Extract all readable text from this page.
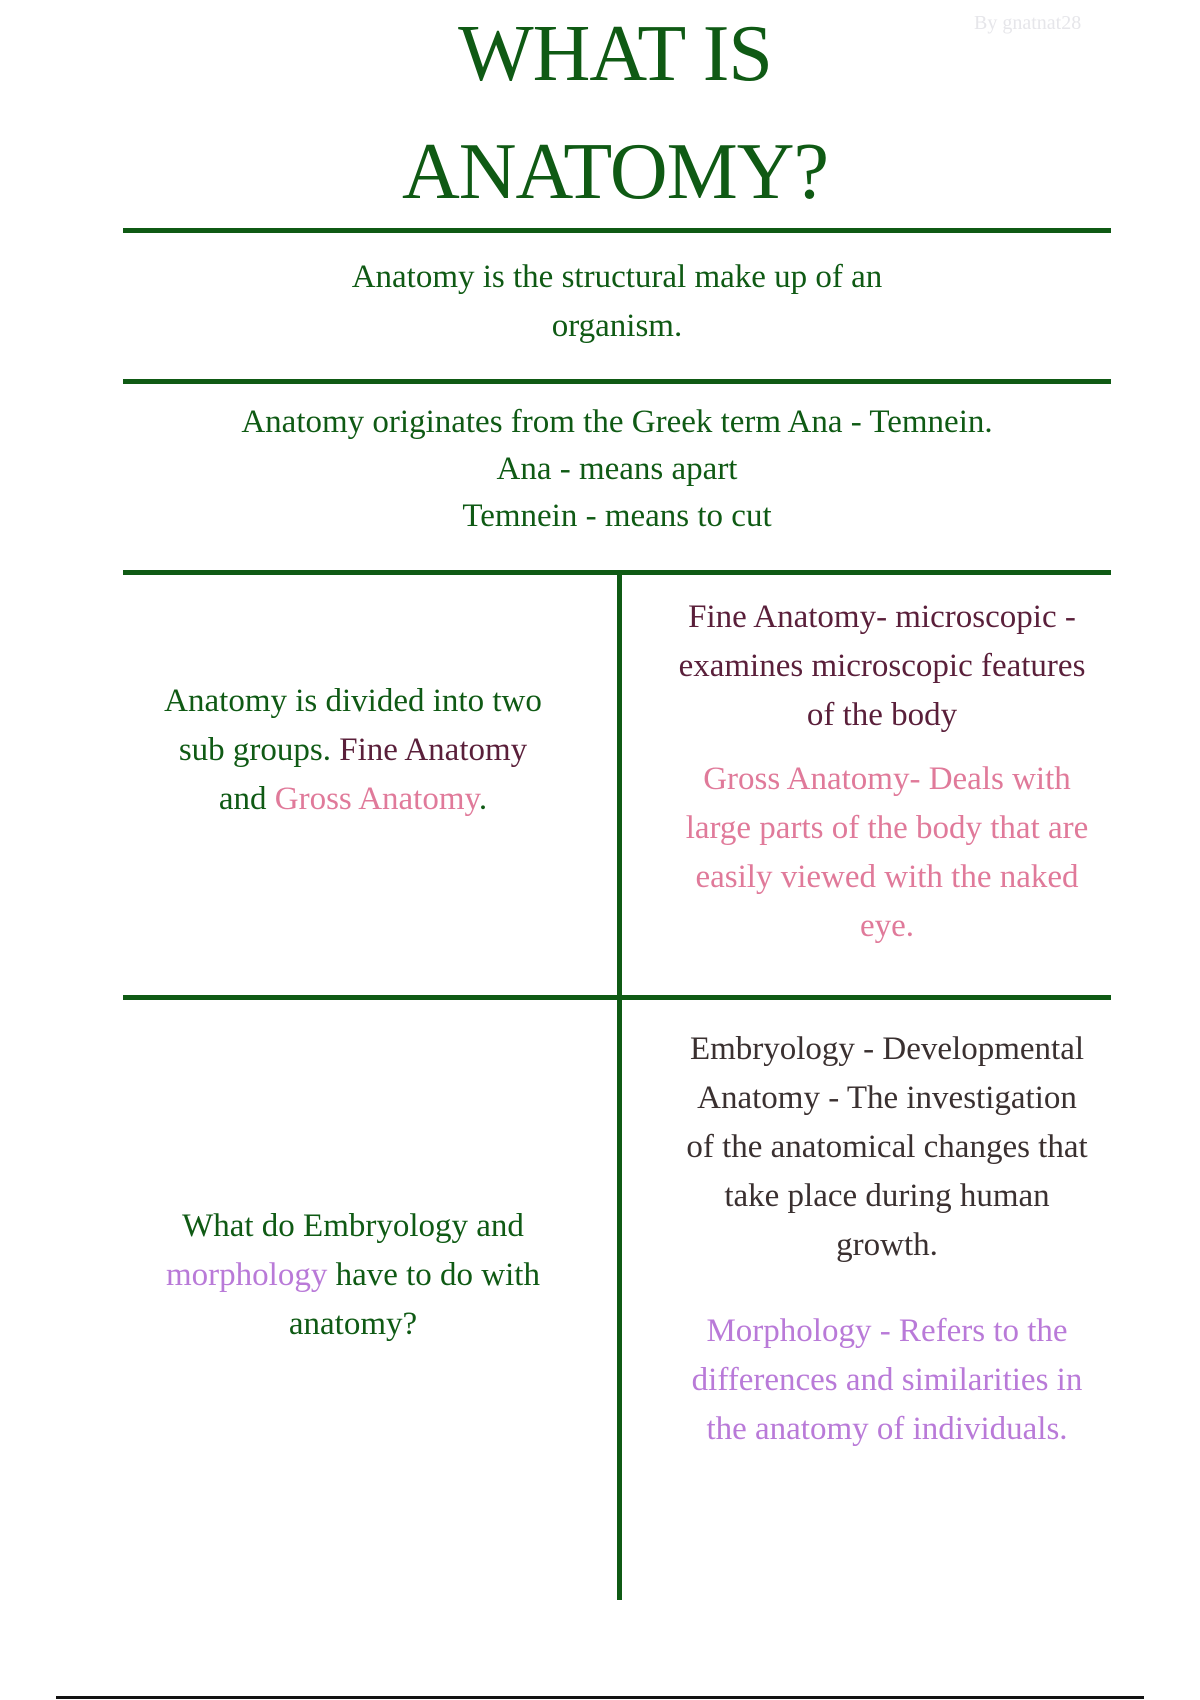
By gnatnat28
WHAT IS
ANATOMY?
Anatomy is the structural make up of an
organism.
Anatomy originates from the Greek term Ana - Temnein.
Ana - means apart
Temnein - means to cut
Anatomy is divided into two
sub groups. Fine Anatomy
and Gross Anatomy.
Fine Anatomy- microscopic -
examines microscopic features
of the body
Gross Anatomy- Deals with
large parts of the body that are
easily viewed with the naked
eye.
What do Embryology and
morphology have to do with
anatomy?
Embryology - Developmental
Anatomy - The investigation
of the anatomical changes that
take place during human
growth.
Morphology - Refers to the
differences and similarities in
the anatomy of individuals.
